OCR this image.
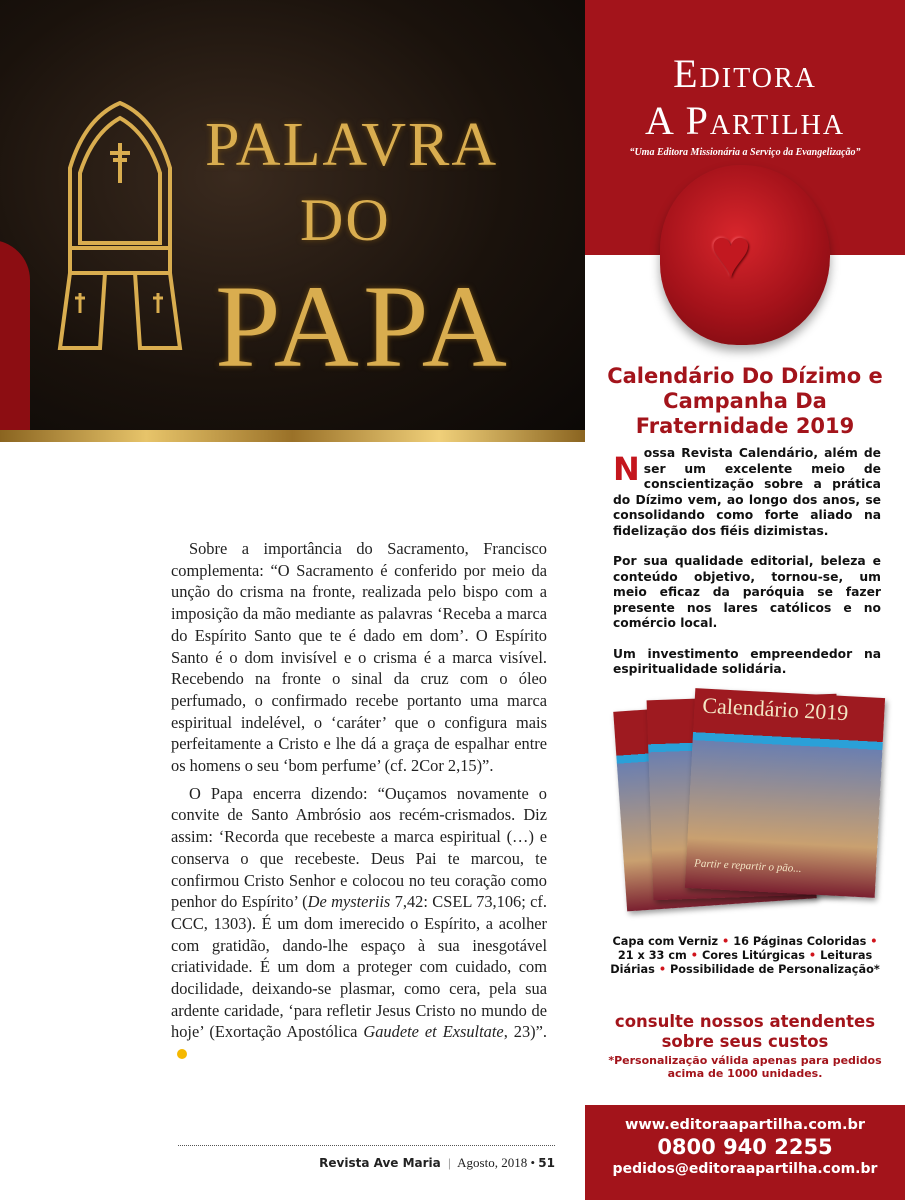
PALAVRA
DO
PAPA

Sobre a importância do Sacramento, Francisco complementa: “O Sacramento é conferido por meio da unção do crisma na fronte, realizada pelo bispo com a imposição da mão mediante as palavras ‘Receba a marca do Espírito Santo que te é dado em dom’. O Espírito Santo é o dom invisível e o crisma é a marca visível. Recebendo na fronte o sinal da cruz com o óleo perfumado, o confirmado recebe portanto uma marca espiritual indelével, o ‘caráter’ que o configura mais perfeitamente a Cristo e lhe dá a graça de espalhar entre os homens o seu ‘bom perfume’ (cf. 2Cor 2,15)”.

O Papa encerra dizendo: “Ouçamos novamente o convite de Santo Ambrósio aos recém-crismados. Diz assim: ‘Recorda que recebeste a marca espiritual (…) e conserva o que recebeste. Deus Pai te marcou, te confirmou Cristo Senhor e colocou no teu coração como penhor do Espírito’ (De mysteriis 7,42: CSEL 73,106; cf. CCC, 1303). É um dom imerecido o Espírito, a acolher com gratidão, dando-lhe espaço à sua inesgotável criatividade. É um dom a proteger com cuidado, com docilidade, deixando-se plasmar, como cera, pela sua ardente caridade, ‘para refletir Jesus Cristo no mundo de hoje’ (Exortação Apostólica Gaudete et Exsultate, 23)”.

Revista Ave Maria | Agosto, 2018 • 51
Editora
A Partilha
“Uma Editora Missionária a Serviço da Evangelização”
♥
Calendário Do Dízimo e Campanha Da Fraternidade 2019

Nossa Revista Calendário, além de ser um excelente meio de conscientização sobre a prática do Dízimo vem, ao longo dos anos, se consolidando como forte aliado na fidelização dos fiéis dizimistas.

Por sua qualidade editorial, beleza e conteúdo objetivo, tornou-se, um meio eficaz da paróquia se fazer presente nos lares católicos e no comércio local.

Um investimento empreendedor na espiritualidade solidária.

Calendário 2019
Partir e repartir o pão...
Capa com Verniz • 16 Páginas Coloridas •
21 x 33 cm • Cores Litúrgicas • Leituras Diárias • Possibilidade de Personalização*
consulte nossos atendentes sobre seus custos
*Personalização válida apenas para pedidos acima de 1000 unidades.
www.editoraapartilha.com.br
0800 940 2255
pedidos@editoraapartilha.com.br
